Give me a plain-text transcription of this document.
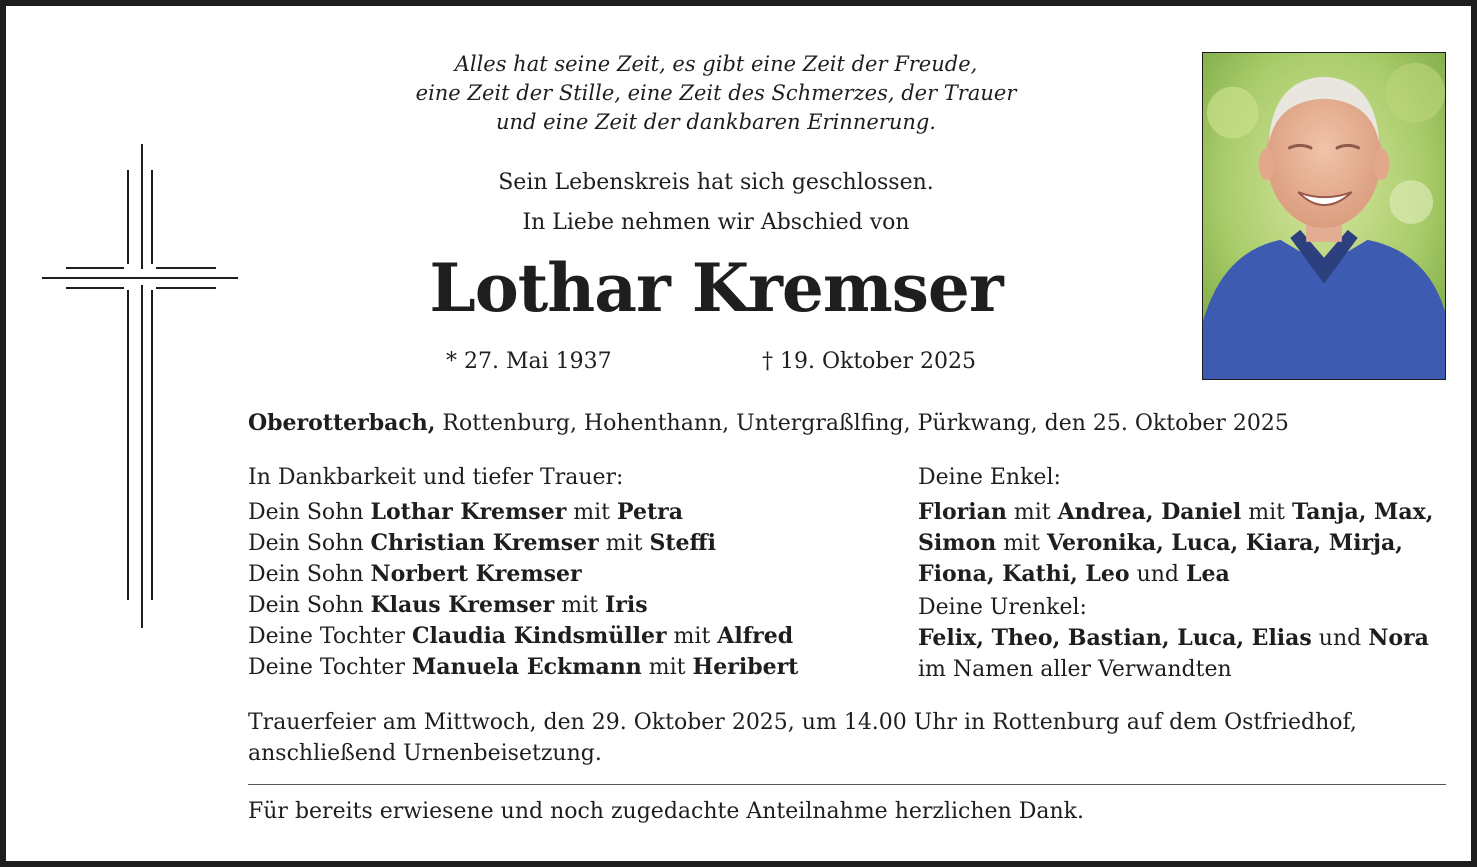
Alles hat seine Zeit, es gibt eine Zeit der Freude,
eine Zeit der Stille, eine Zeit des Schmerzes, der Trauer
und eine Zeit der dankbaren Erinnerung.
Sein Lebenskreis hat sich geschlossen.
In Liebe nehmen wir Abschied von
Lothar Kremser
* 27. Mai 1937	† 19. Oktober 2025
Oberotterbach, Rottenburg, Hohenthann, Untergraßlfing, Pürkwang, den 25. Oktober 2025
In Dankbarkeit und tiefer Trauer:
Dein Sohn Lothar Kremser mit Petra
Dein Sohn Christian Kremser mit Steffi
Dein Sohn Norbert Kremser
Dein Sohn Klaus Kremser mit Iris
Deine Tochter Claudia Kindsmüller mit Alfred
Deine Tochter Manuela Eckmann mit Heribert
Deine Enkel:
Florian mit Andrea, Daniel mit Tanja, Max,
Simon mit Veronika, Luca, Kiara, Mirja,
Fiona, Kathi, Leo und Lea
Deine Urenkel:
Felix, Theo, Bastian, Luca, Elias und Nora
im Namen aller Verwandten
Trauerfeier am Mittwoch, den 29. Oktober 2025, um 14.00 Uhr in Rottenburg auf dem Ostfriedhof, anschließend Urnenbeisetzung.
Für bereits erwiesene und noch zugedachte Anteilnahme herzlichen Dank.
